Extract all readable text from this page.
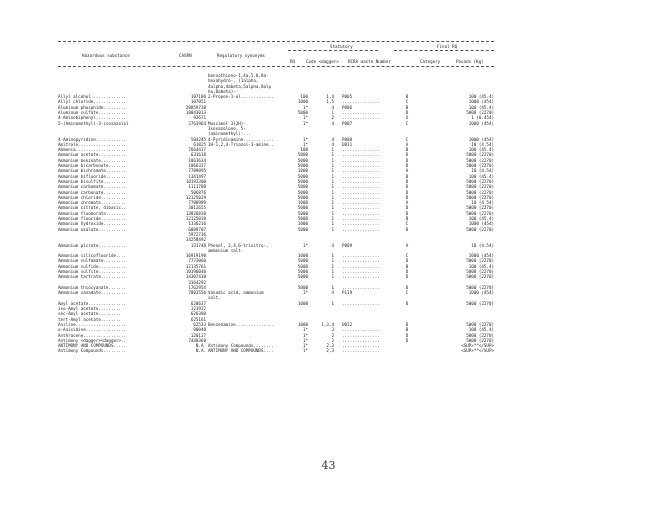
Statutory	Final RQ
Hazardous substance	CASRN	Regulatory synonyms
RQ	Code <dagger> RCRA waste Number	Category	Pounds (Kg)
benzothieno-1,4a,5,8,8a-
hexahydro-, (1alpha,
4alpha,4abeta,5alpha,8alp
ha,8abeta)--
Allyl alcohol..............	107186 2-Propen-1-ol.............	100	1,4 P005	B	100 (45.4)
Allyl chloride.............	107051	1000	1,5 ...............	C	1000 (454)
Aluminum phosphide.........	20859738	1*	4 P006	B	100 (45.4)
Aluminum sulfate...........	10043013	5000	1 ...............	D	5000 (2270)
4-Aminobiphenyl............	92671	1*	2 ...............	X	1 (0.454)
5-(Aminomethyl)-3-isoxazolol	2763964 Muscimol 3(2H)-	1*	4 P007	C	1000 (454)
Isoxazolone, 5-
(aminomethyl)-...
4-Aminopyridine............	504245 4-Pyridinamine............	1*	4 P008	C	1000 (454)
Amitrole...................	61825 1H-1,2,4-Triazol-3-amine..	1*	4 U011	A	10 (4.54)
Ammonia....................	7664417	100	1 ...............	B	100 (45.4)
Ammonium acetate...........	631618	5000	1 ...............	D	5000 (2270)
Ammonium benzoate..........	1863634	5000	1 ...............	D	5000 (2270)
Ammonium bicarbonate.......	1066337	5000	1 ...............	D	5000 (2270)
Ammonium bichromate........	7789095	1000	1 ...............	A	10 (4.54)
Ammonium bifluoride........	1341497	5000	1 ...............	B	100 (45.4)
Ammonium bisulfite.........	10192300	5000	1 ...............	D	5000 (2270)
Ammonium carbamate.........	1111780	5000	1 ...............	D	5000 (2270)
Ammonium carbonate.........	506876	5000	1 ...............	D	5000 (2270)
Ammonium chloride..........	12125029	5000	1 ...............	D	5000 (2270)
Ammonium chromate..........	7788989	1000	1 ...............	A	10 (4.54)
Ammonium citrate, dibasic..	3012655	5000	1 ...............	D	5000 (2270)
Ammonium fluoborate........	13826830	5000	1 ...............	D	5000 (2270)
Ammonium fluoride..........	12125018	5000	1 ...............	B	100 (45.4)
Ammonium hydroxide.........	1336216	1000	1 ...............	C	1000 (454)
Ammonium oxalate...........	6009707	5000	1 ...............	D	5000 (2270)
5972736
14258492
Ammonium picrate...........	131748 Phenol, 2,4,6-trinitro-,	1*	4 P009	A	10 (4.54)
ammonium salt.
Ammonium silicofluoride....	16919190	1000	1 ...............	C	1000 (454)
Ammonium sulfamate.........	7773060	5000	1 ...............	D	5000 (2270)
Ammonium sulfide...........	12135761	5000	1 ...............	B	100 (45.4)
Ammonium sulfite...........	10196040	5000	1 ...............	D	5000 (2270)
Ammonium tartrate..........	14307438	5000	1 ...............	D	5000 (2270)
3164292
Ammonium thiocyanate.......	1762954	5000	1 ...............	D	5000 (2270)
Ammonium vanadate..........	7803556 Vanadic acid, ammonium	1*	4 P119	C	1000 (454)
salt.
Amyl acetate...............	628637	1000	1 ...............	D	5000 (2270)
iso-Amyl acetate.........	123922
sec-Amyl acetate.........	626380
tert-Amyl acetate........	625161
Aniline....................	62533 Benzenamine...............	1000	1,3,4 U012	D	5000 (2270)
o-Anisidine................	90040	1*	3 ...............	B	100 (45.4)
Anthracene.................	120127	1*	2 ...............	D	5000 (2270)
Antimony <dagger><dagger>..	7440360	1*	2 ...............	D	5000 (2270)
ANTIMONY AND COMPOUNDS.....	N.A. Antimony Compounds........	1*	2,3 ...............	<SUP>**</SUP>
Antimony Compounds.........	N.A. ANTIMONY AND COMPOUNDS....	1*	2,3 ...............	<SUP>**</SUP>
43
